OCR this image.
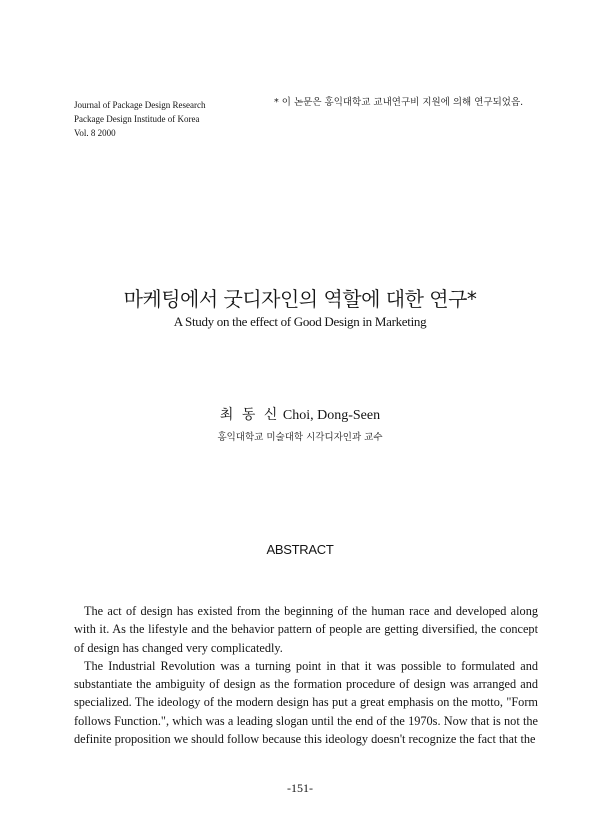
Journal of Package Design Research
Package Design Institude of Korea
Vol. 8 2000
* 이 논문은 홍익대학교 교내연구비 지원에 의해 연구되었음.
마케팅에서 굿디자인의 역할에 대한 연구*
A Study on the effect of Good Design in Marketing
최 동 신 Choi, Dong-Seen
홍익대학교 미술대학 시각디자인과 교수
ABSTRACT

The act of design has existed from the beginning of the human race and developed along with it. As the lifestyle and the behavior pattern of people are getting diversified, the concept of design has changed very complicatedly.

The Industrial Revolution was a turning point in that it was possible to formulated and substantiate the ambiguity of design as the formation procedure of design was arranged and specialized. The ideology of the modern design has put a great emphasis on the motto, "Form follows Function.", which was a leading slogan until the end of the 1970s. Now that is not the definite proposition we should follow because this ideology doesn't recognize the fact that the

-151-
